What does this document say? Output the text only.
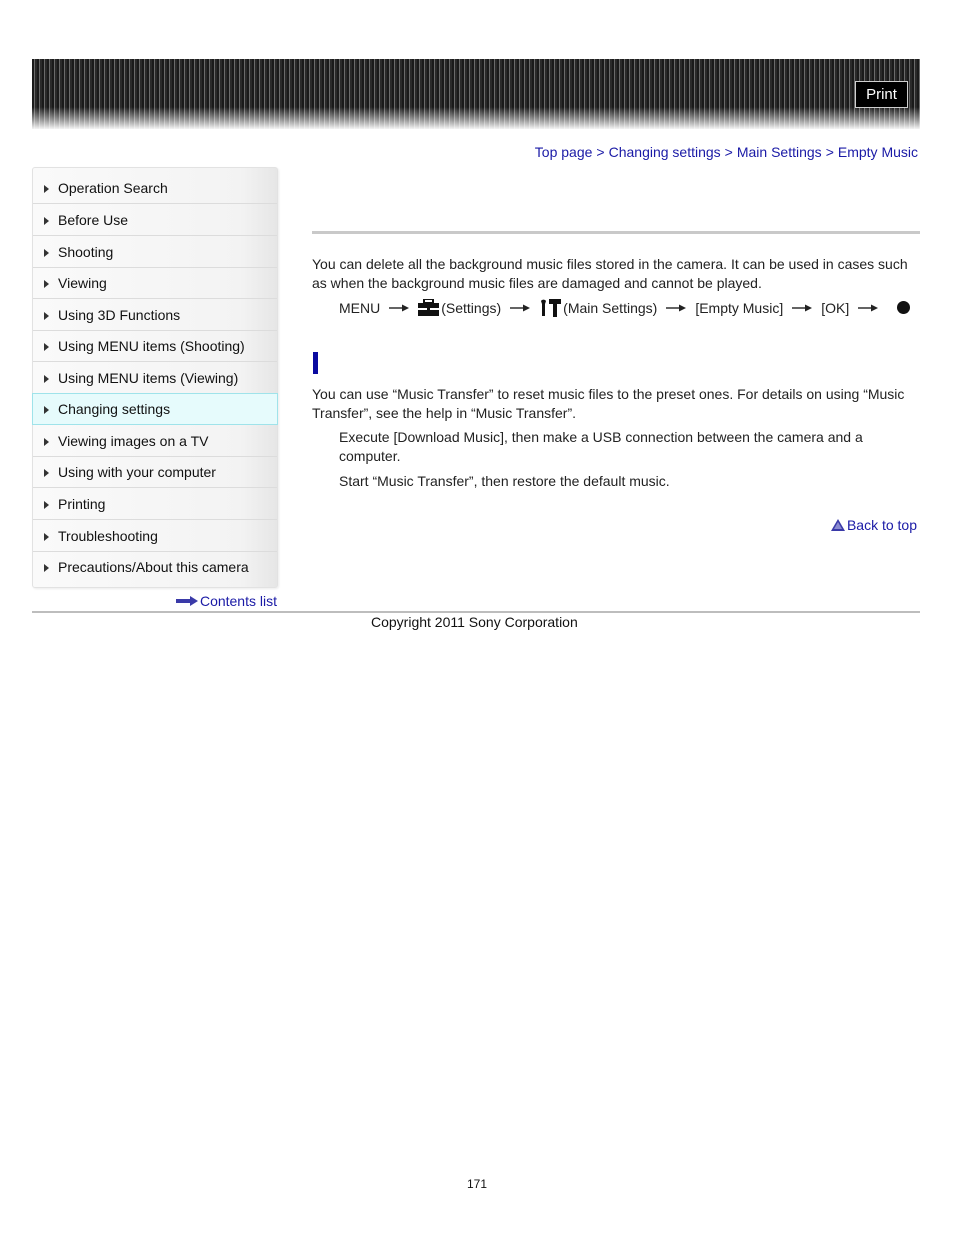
Print
Top page > Changing settings > Main Settings > Empty Music
Operation Search
Before Use
Shooting
Viewing
Using 3D Functions
Using MENU items (Shooting)
Using MENU items (Viewing)
Changing settings
Viewing images on a TV
Using with your computer
Printing
Troubleshooting
Precautions/About this camera
Contents list
You can delete all the background music files stored in the camera. It can be used in cases such
as when the background music files are damaged and cannot be played.
MENU	(Settings)	(Main Settings)	[Empty Music]	[OK]
You can use “Music Transfer” to reset music files to the preset ones. For details on using “Music
Transfer”, see the help in “Music Transfer”.
Execute [Download Music], then make a USB connection between the camera and a
computer.
Start “Music Transfer”, then restore the default music.
Back to top
Copyright 2011 Sony Corporation
171
